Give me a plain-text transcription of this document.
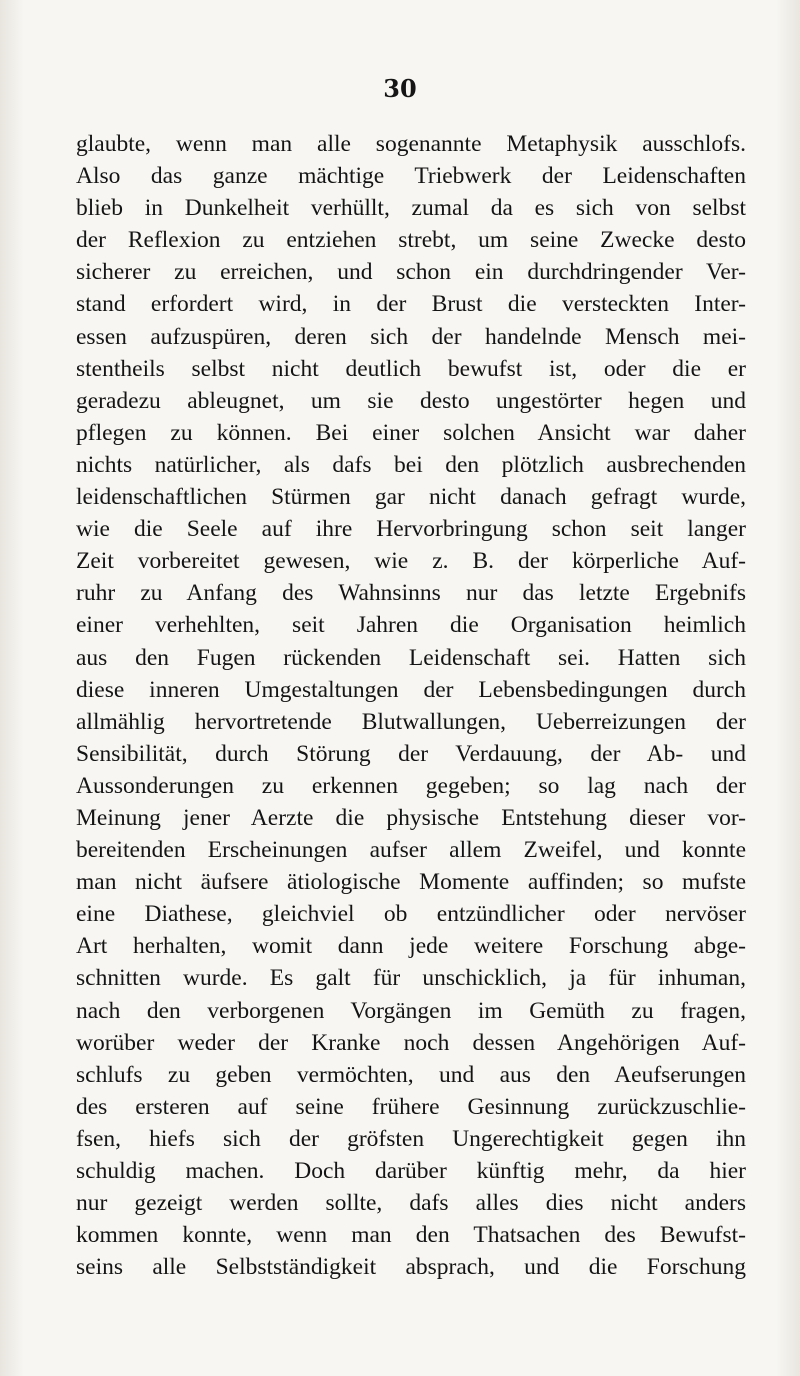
30
glaubte, wenn man alle sogenannte Metaphysik ausschlofs.
Also das ganze mächtige Triebwerk der Leidenschaften
blieb in Dunkelheit verhüllt, zumal da es sich von selbst
der Reflexion zu entziehen strebt, um seine Zwecke desto
sicherer zu erreichen, und schon ein durchdringender Ver-
stand erfordert wird, in der Brust die versteckten Inter-
essen aufzuspüren, deren sich der handelnde Mensch mei-
stentheils selbst nicht deutlich bewufst ist, oder die er
geradezu ableugnet, um sie desto ungestörter hegen und
pflegen zu können. Bei einer solchen Ansicht war daher
nichts natürlicher, als dafs bei den plötzlich ausbrechenden
leidenschaftlichen Stürmen gar nicht danach gefragt wurde,
wie die Seele auf ihre Hervorbringung schon seit langer
Zeit vorbereitet gewesen, wie z. B. der körperliche Auf-
ruhr zu Anfang des Wahnsinns nur das letzte Ergebnifs
einer verhehlten, seit Jahren die Organisation heimlich
aus den Fugen rückenden Leidenschaft sei. Hatten sich
diese inneren Umgestaltungen der Lebensbedingungen durch
allmählig hervortretende Blutwallungen, Ueberreizungen der
Sensibilität, durch Störung der Verdauung, der Ab- und
Aussonderungen zu erkennen gegeben; so lag nach der
Meinung jener Aerzte die physische Entstehung dieser vor-
bereitenden Erscheinungen aufser allem Zweifel, und konnte
man nicht äufsere ätiologische Momente auffinden; so mufste
eine Diathese, gleichviel ob entzündlicher oder nervöser
Art herhalten, womit dann jede weitere Forschung abge-
schnitten wurde. Es galt für unschicklich, ja für inhuman,
nach den verborgenen Vorgängen im Gemüth zu fragen,
worüber weder der Kranke noch dessen Angehörigen Auf-
schlufs zu geben vermöchten, und aus den Aeufserungen
des ersteren auf seine frühere Gesinnung zurückzuschlie-
fsen, hiefs sich der gröfsten Ungerechtigkeit gegen ihn
schuldig machen. Doch darüber künftig mehr, da hier
nur gezeigt werden sollte, dafs alles dies nicht anders
kommen konnte, wenn man den Thatsachen des Bewufst-
seins alle Selbstständigkeit absprach, und die Forschung
